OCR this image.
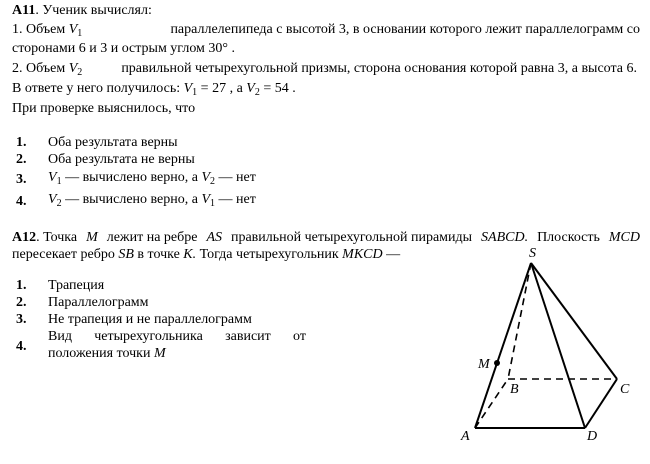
A11. Ученик вычислял:
1. Объем $V_1$	параллелепипеда с высотой 3, в основании которого лежит параллелограмм со
сторонами 6 и 3 и острым углом 30° .
2. Объем $V_2$	правильной четырехугольной призмы, сторона основания которой равна 3, а высота 6.
В ответе у него получилось: $V_1 = 27$ , а $V_2 = 54$ .
При проверке выяснилось, что
1. Оба результата верны
2. Оба результата не верны
3. $V_1$ — вычислено верно, а $V_2$ — нет
4. $V_2$ — вычислено верно, а $V_1$ — нет
A12. Точка M лежит на ребре AS правильной четырехугольной пирамиды SABCD. Плоскость MCD
пересекает ребро SB в точке K. Тогда четырехугольник MKCD —
1. Трапеция
2. Параллелограмм
3. Не трапеция и не параллелограмм
4.
Вид четырехугольника зависит от
положения точки M
S
M
B	C
A	D
